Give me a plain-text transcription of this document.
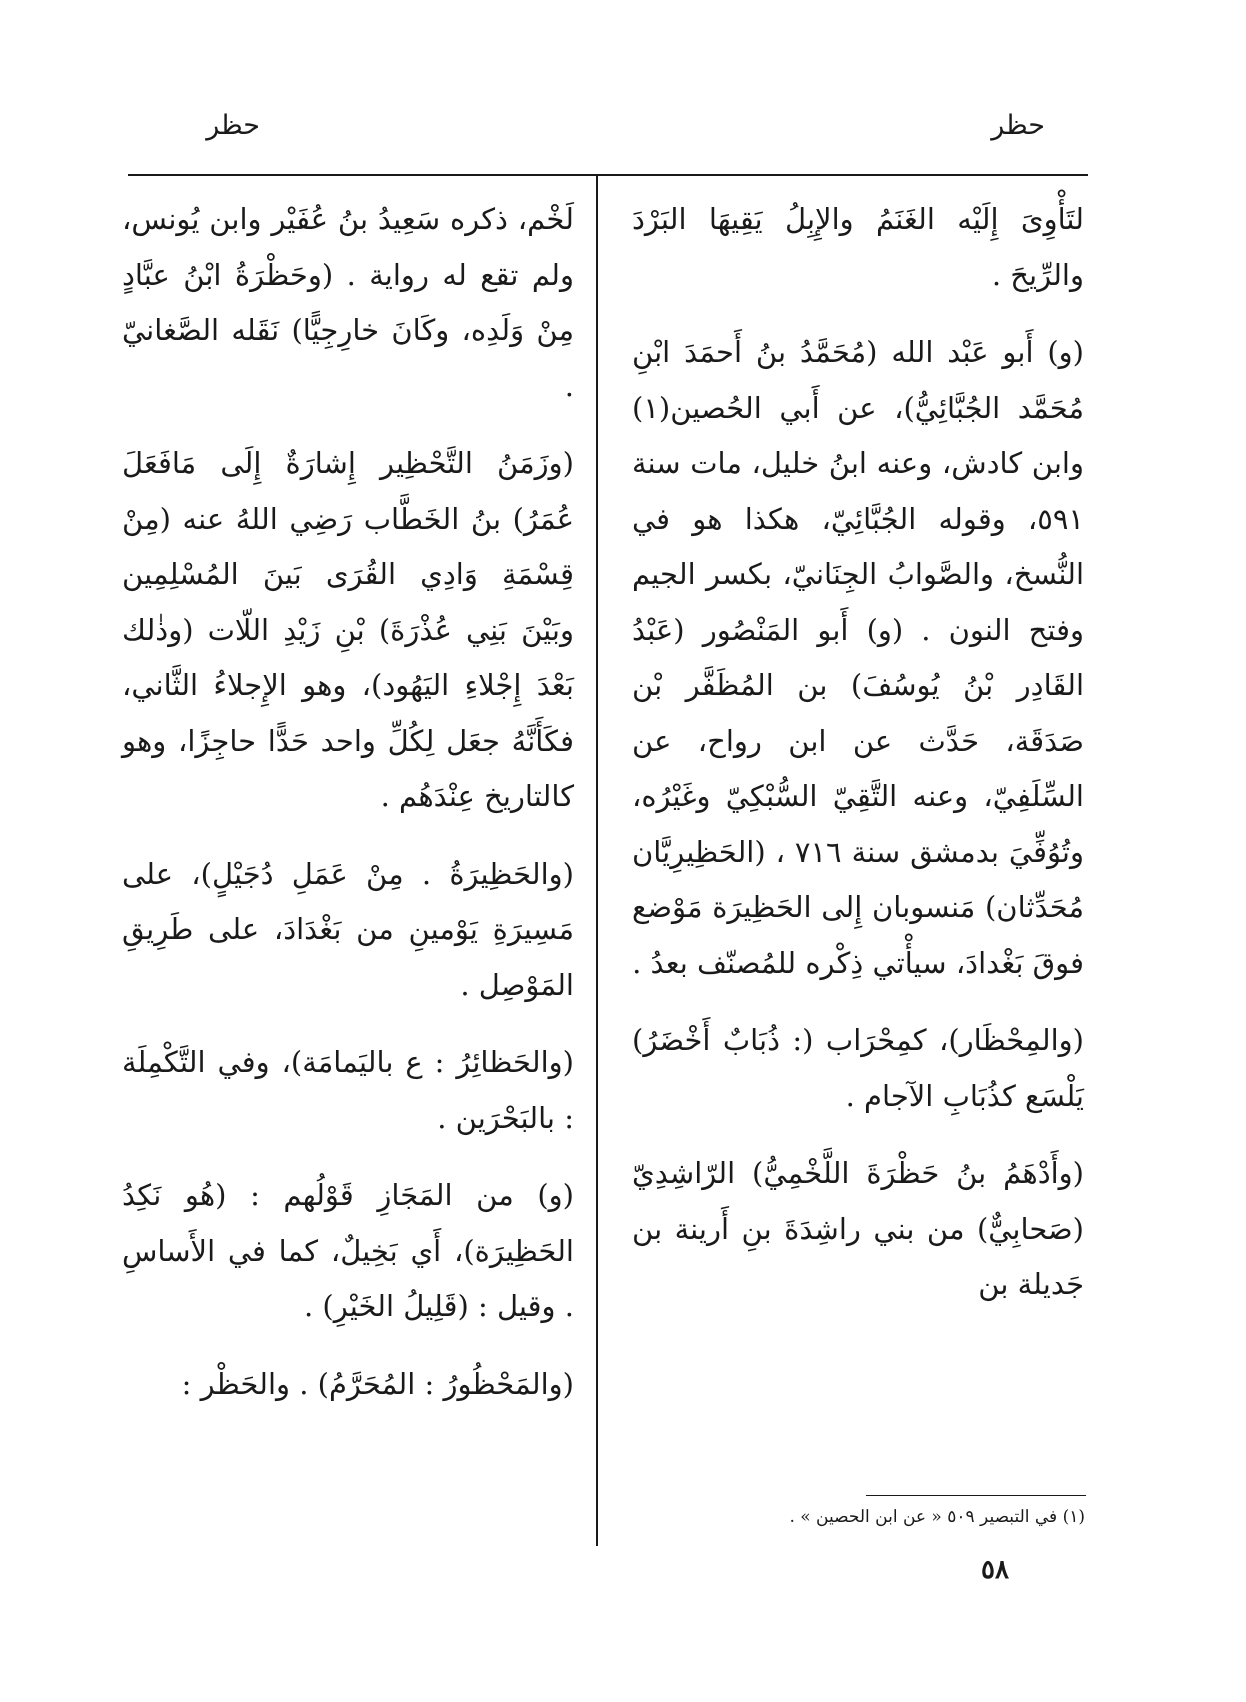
حظر
حظر

لتَأْوِىَ إِلَيْه الغَنَمُ والإِبِلُ يَقِيهَا البَرْدَ والرِّيحَ .

(و) أَبو عَبْد الله (مُحَمَّدُ بنُ أَحمَدَ ابْنِ مُحَمَّد الجُبَّائِيُّ)، عن أَبي الحُصين(١) وابن كادش، وعنه ابنُ خليل، مات سنة ٥٩١، وقوله الجُبَّائِيّ، هكذا هو في النُّسخ، والصَّوابُ الجِنَانيّ، بكسر الجيم وفتح النون . (و) أَبو المَنْصُور (عَبْدُ القَادِر بْنُ يُوسُفَ) بن المُظَفَّر بْن صَدَقَة، حَدَّث عن ابن رواح، عن السِّلَفِيّ، وعنه التَّقِيّ السُّبْكِيّ وغَيْرُه، وتُوُفِّيَ بدمشق سنة ٧١٦ ، (الحَظِيرِيَّان مُحَدِّثان) مَنسوبان إِلى الحَظِيرَة مَوْضع فوقَ بَغْدادَ، سيأْتي ذِكْره للمُصنّف بعدُ .

(والمِحْظَار)، كمِحْرَاب (: ذُبَابٌ أَخْضَرُ) يَلْسَع كذُبَابِ الآجام .

(وأَدْهَمُ بنُ حَظْرَةَ اللَّخْمِيُّ) الرّاشِدِيّ (صَحابِيٌّ) من بني راشِدَةَ بنِ أَرينة بن جَديلة بن

لَخْم، ذكره سَعِيدُ بنُ عُفَيْر وابن يُونس، ولم تقع له رواية . (وحَظْرَةُ ابْنُ عبَّادٍ مِنْ وَلَدِه، وكَانَ خارِجِيًّا) نَقَله الصَّغانيّ .

(وزَمَنُ التَّحْظِير إِشارَةٌ إِلَى مَافَعَلَ عُمَرُ) بنُ الخَطَّاب رَضِي اللهُ عنه (مِنْ قِسْمَةِ وَادِي القُرَى بَينَ المُسْلِمِين وبَيْنَ بَنِي عُذْرَةَ) بْنِ زَيْدِ اللّات (وذٰلك بَعْدَ إِجْلاءِ اليَهُود)، وهو الإِجلاءُ الثَّاني، فكَأَنَّهُ جعَل لِكُلِّ واحد حَدًّا حاجِزًا، وهو كالتاريخ عِنْدَهُم .

(والحَظِيرَةُ . مِنْ عَمَلِ دُجَيْلٍ)، على مَسِيرَةِ يَوْمينِ من بَغْدَادَ، على طَرِيقِ المَوْصِل .

(والحَظائِرُ : ع باليَمامَة)، وفي التَّكْمِلَة : بالبَحْرَين .

(و) من المَجَازِ قَوْلُهم : (هُو نَكِدُ الحَظِيرَة)، أَي بَخِيلٌ، كما في الأَساسِ . وقيل : (قَلِيلُ الخَيْرِ) .

(والمَحْظُورُ : المُحَرَّمُ) . والحَظْر :

(١) في التبصير ٥٠٩ « عن ابن الحصين » .
٥٨
